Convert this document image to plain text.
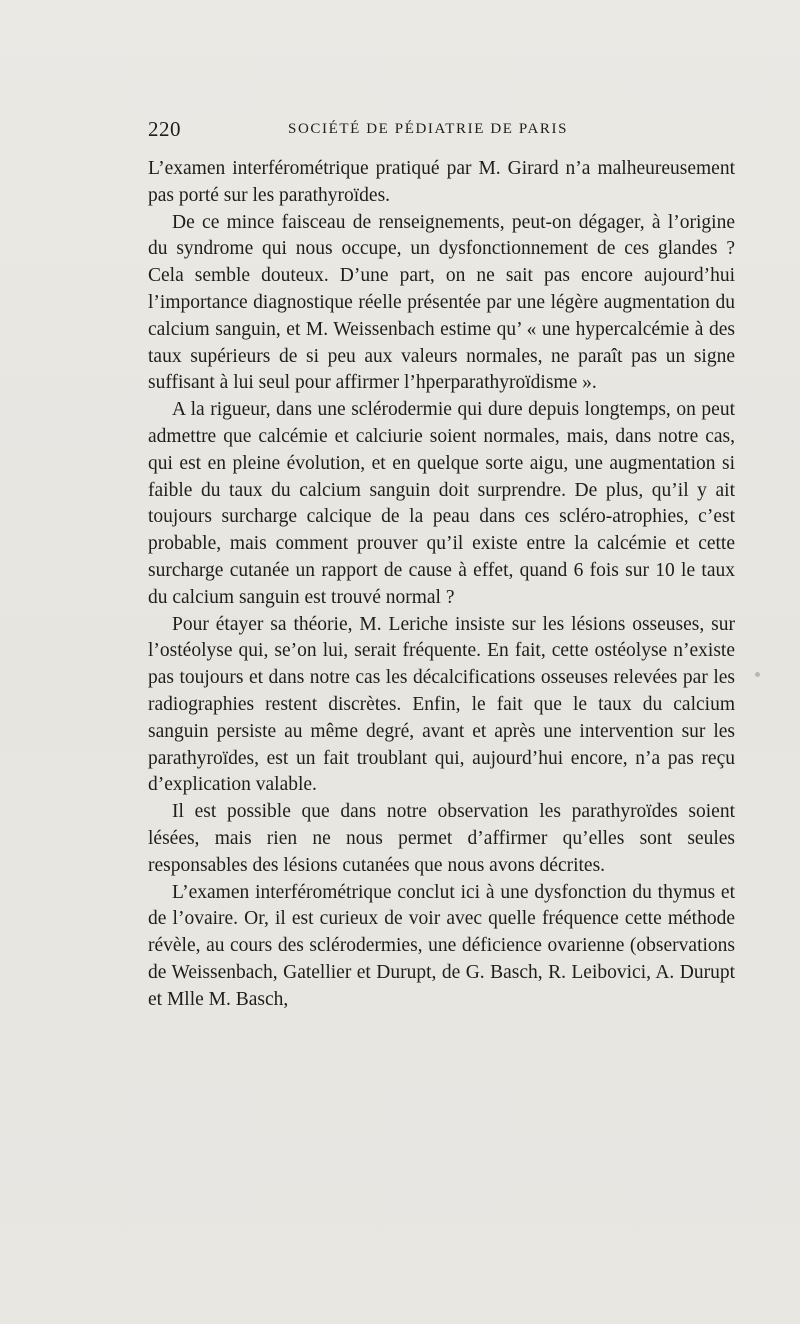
220	SOCIÉTÉ DE PÉDIATRIE DE PARIS

L’examen interférométrique pratiqué par M. Girard n’a malheureusement pas porté sur les parathyroïdes.

De ce mince faisceau de renseignements, peut-on dégager, à l’origine du syndrome qui nous occupe, un dysfonctionnement de ces glandes ? Cela semble douteux. D’une part, on ne sait pas encore aujourd’hui l’importance diagnostique réelle présentée par une légère augmentation du calcium sanguin, et M. Weissenbach estime qu’ « une hypercalcémie à des taux supérieurs de si peu aux valeurs normales, ne paraît pas un signe suffisant à lui seul pour affirmer l’hperparathyroïdisme ».

A la rigueur, dans une sclérodermie qui dure depuis longtemps, on peut admettre que calcémie et calciurie soient normales, mais, dans notre cas, qui est en pleine évolution, et en quelque sorte aigu, une augmentation si faible du taux du calcium sanguin doit surprendre. De plus, qu’il y ait toujours surcharge calcique de la peau dans ces scléro-atrophies, c’est probable, mais comment prouver qu’il existe entre la calcémie et cette surcharge cutanée un rapport de cause à effet, quand 6 fois sur 10 le taux du calcium sanguin est trouvé normal ?

Pour étayer sa théorie, M. Leriche insiste sur les lésions osseuses, sur l’ostéolyse qui, se’on lui, serait fréquente. En fait, cette ostéolyse n’existe pas toujours et dans notre cas les décalcifications osseuses relevées par les radiographies restent discrètes. Enfin, le fait que le taux du calcium sanguin persiste au même degré, avant et après une intervention sur les parathyroïdes, est un fait troublant qui, aujourd’hui encore, n’a pas reçu d’explication valable.

Il est possible que dans notre observation les parathyroïdes soient lésées, mais rien ne nous permet d’affirmer qu’elles sont seules responsables des lésions cutanées que nous avons décrites.

L’examen interférométrique conclut ici à une dysfonction du thymus et de l’ovaire. Or, il est curieux de voir avec quelle fréquence cette méthode révèle, au cours des sclérodermies, une déficience ovarienne (observations de Weissenbach, Gatellier et Durupt, de G. Basch, R. Leibovici, A. Durupt et Mlle M. Basch,
